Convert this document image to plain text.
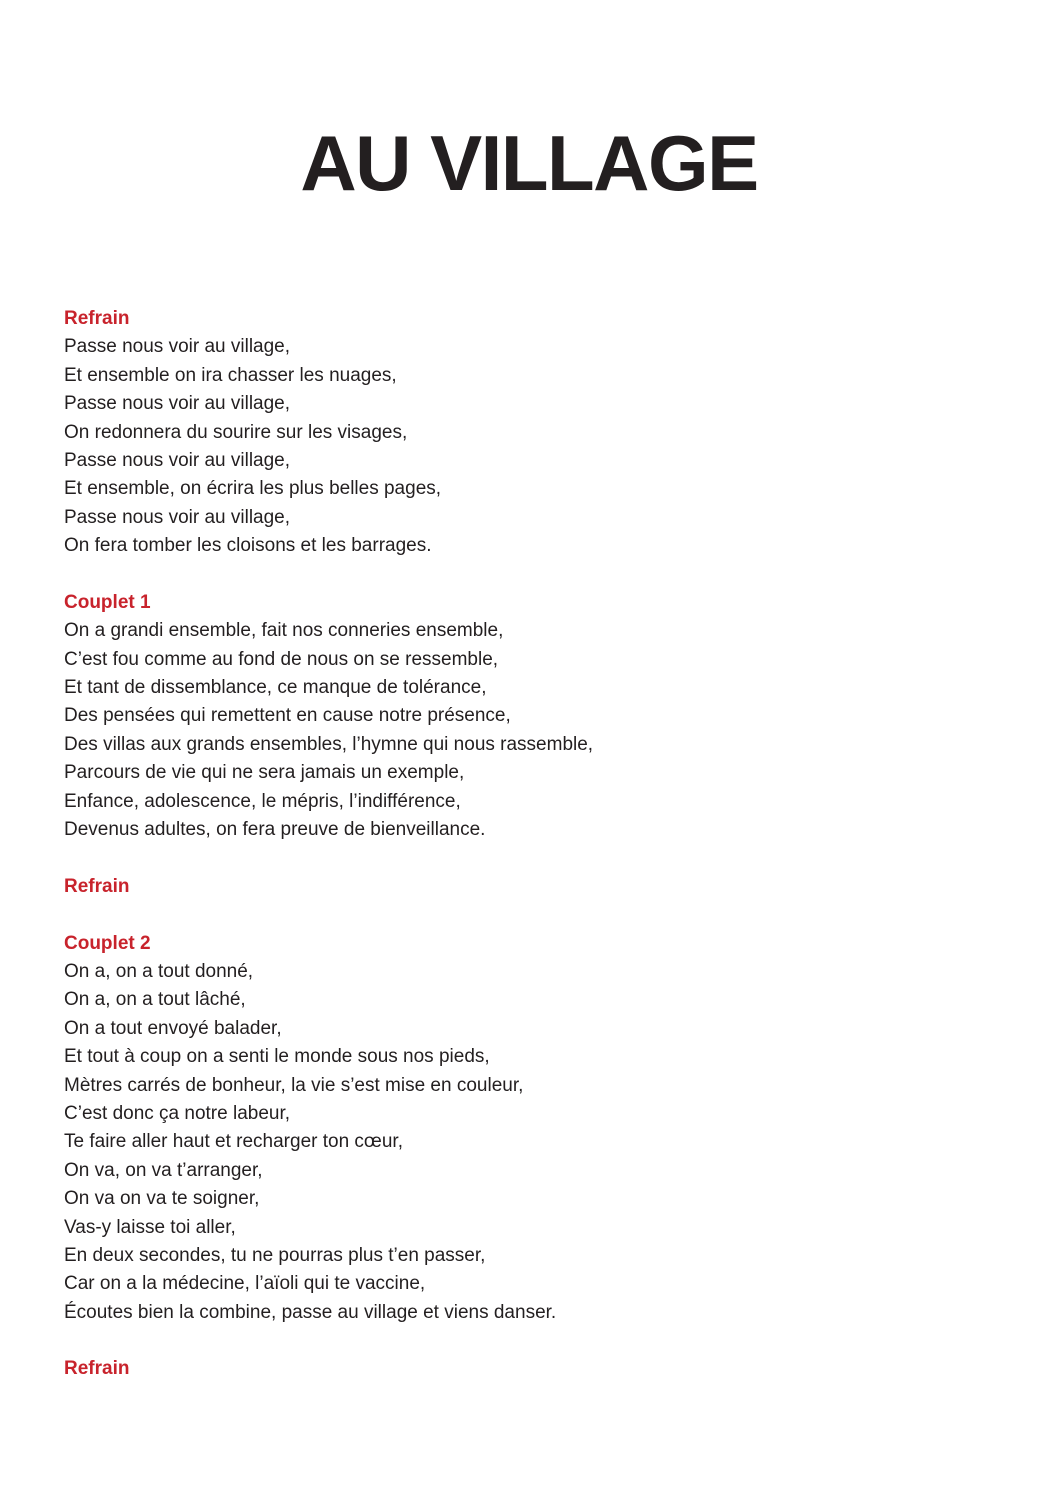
AU VILLAGE
Refrain
Passe nous voir au village,
Et ensemble on ira chasser les nuages,
Passe nous voir au village,
On redonnera du sourire sur les visages,
Passe nous voir au village,
Et ensemble, on écrira les plus belles pages,
Passe nous voir au village,
On fera tomber les cloisons et les barrages.
Couplet 1
On a grandi ensemble, fait nos conneries ensemble,
C’est fou comme au fond de nous on se ressemble,
Et tant de dissemblance, ce manque de tolérance,
Des pensées qui remettent en cause notre présence,
Des villas aux grands ensembles, l’hymne qui nous rassemble,
Parcours de vie qui ne sera jamais un exemple,
Enfance, adolescence, le mépris, l’indifférence,
Devenus adultes, on fera preuve de bienveillance.
Refrain
Couplet 2
On a, on a tout donné,
On a, on a tout lâché,
On a tout envoyé balader,
Et tout à coup on a senti le monde sous nos pieds,
Mètres carrés de bonheur, la vie s’est mise en couleur,
C’est donc ça notre labeur,
Te faire aller haut et recharger ton cœur,
On va, on va t’arranger,
On va on va te soigner,
Vas-y laisse toi aller,
En deux secondes, tu ne pourras plus t’en passer,
Car on a la médecine, l’aïoli qui te vaccine,
Écoutes bien la combine, passe au village et viens danser.
Refrain
